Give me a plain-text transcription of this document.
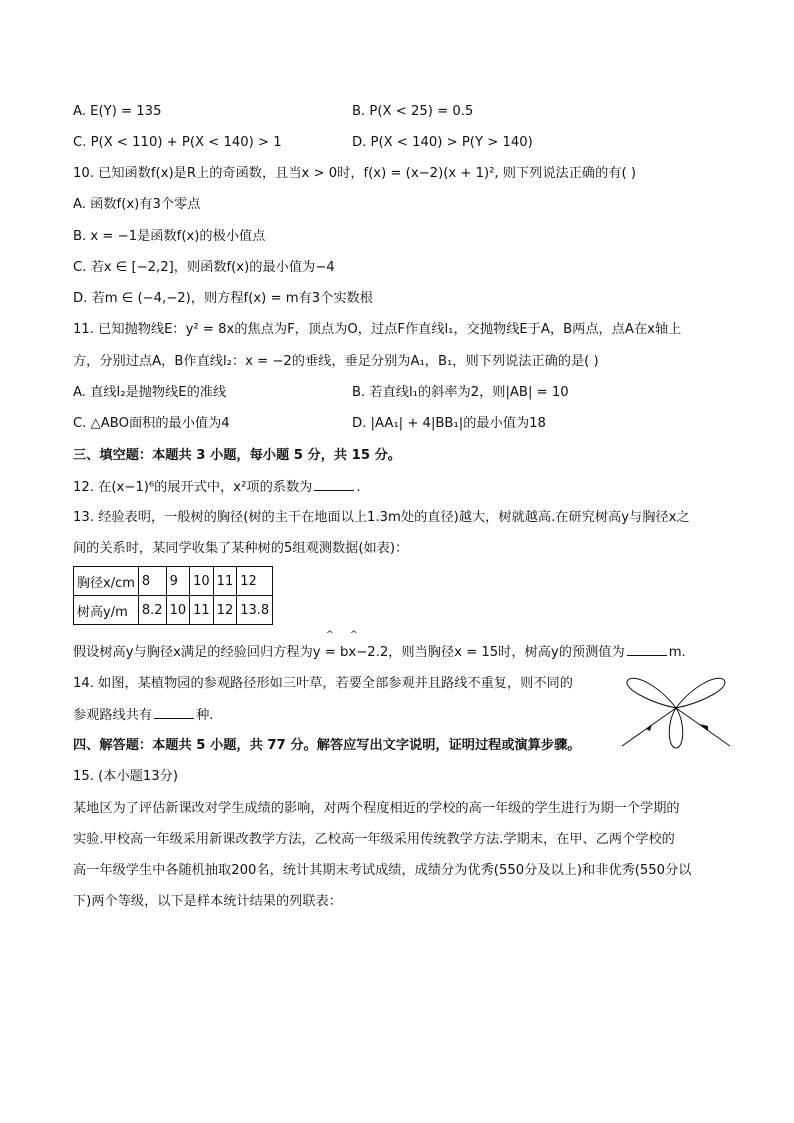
A. E(Y) = 135	B. P(X < 25) = 0.5
C. P(X < 110) + P(X < 140) > 1	D. P(X < 140) > P(Y > 140)
10. 已知函数f(x)是R上的奇函数，且当x > 0时，f(x) = (x−2)(x + 1)², 则下列说法正确的有( )
A. 函数f(x)有3个零点
B. x = −1是函数f(x)的极小值点
C. 若x ∈ [−2,2]，则函数f(x)的最小值为−4
D. 若m ∈ (−4,−2)，则方程f(x) = m有3个实数根
11. 已知抛物线E：y² = 8x的焦点为F，顶点为O，过点F作直线l₁，交抛物线E于A，B两点，点A在x轴上
方，分别过点A，B作直线l₂：x = −2的垂线，垂足分别为A₁，B₁，则下列说法正确的是( )
A. 直线l₂是抛物线E的准线	B. 若直线l₁的斜率为2，则|AB| = 10
C. △ABO面积的最小值为4	D. |AA₁| + 4|BB₁|的最小值为18
三、填空题：本题共 3 小题，每小题 5 分，共 15 分。
12. 在(x−1)⁶的展开式中，x²项的系数为	.
13. 经验表明，一般树的胸径(树的主干在地面以上1.3m处的直径)越大，树就越高.在研究树高y与胸径x之
间的关系时，某同学收集了某种树的5组观测数据(如表)：
胸径x/cm	8	9	10	11	12
树高y/m	8.2	10	11	12	13.8
^ ^
假设树高y与胸径x满足的经验回归方程为y = bx−2.2，则当胸径x = 15时，树高y的预测值为	m.
14. 如图，某植物园的参观路径形如三叶草，若要全部参观并且路线不重复，则不同的
参观路线共有	种.
四、解答题：本题共 5 小题，共 77 分。解答应写出文字说明，证明过程或演算步骤。
15. (本小题13分)
某地区为了评估新课改对学生成绩的影响，对两个程度相近的学校的高一年级的学生进行为期一个学期的
实验.甲校高一年级采用新课改教学方法，乙校高一年级采用传统教学方法.学期末，在甲、乙两个学校的
高一年级学生中各随机抽取200名，统计其期末考试成绩，成绩分为优秀(550分及以上)和非优秀(550分以
下)两个等级，以下是样本统计结果的列联表：
